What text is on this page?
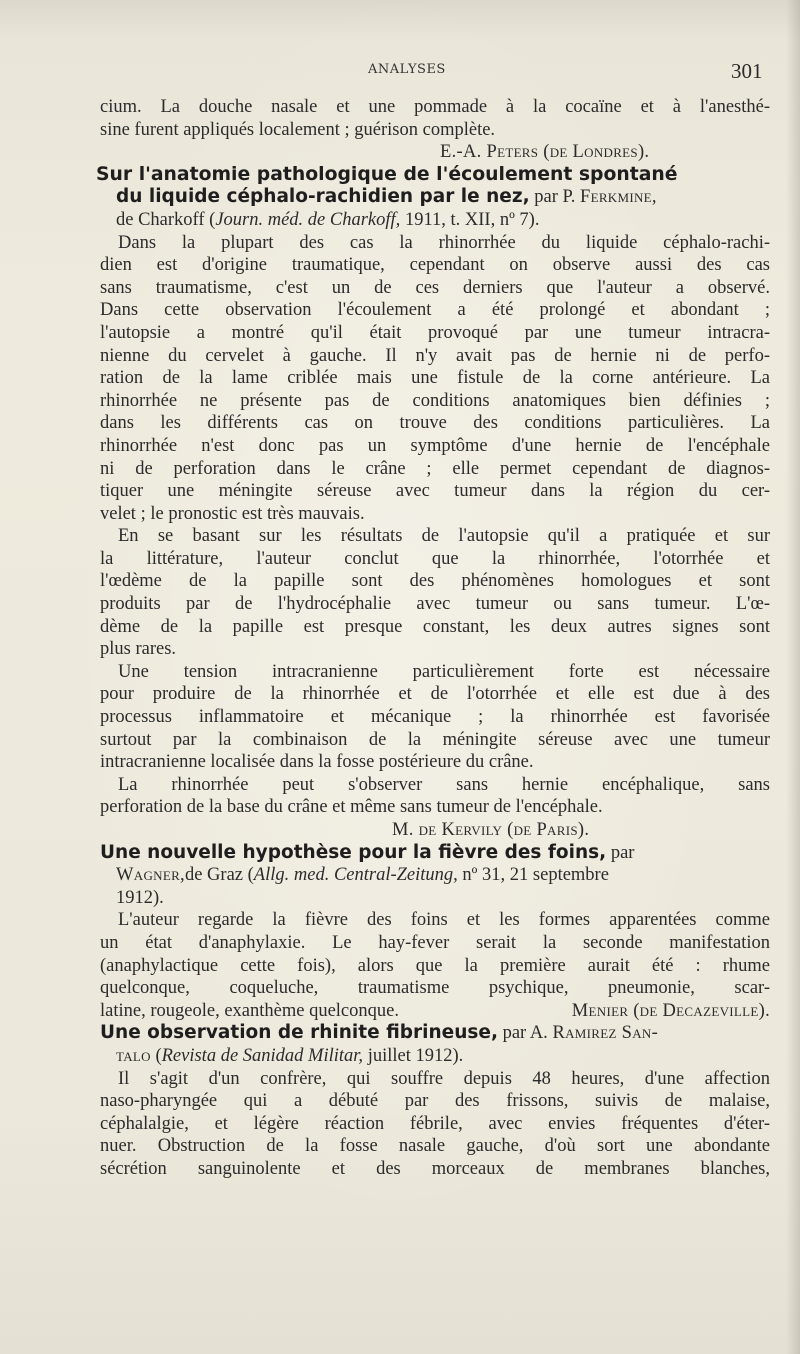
ANALYSES	301
cium. La douche nasale et une pommade à la cocaïne et à l'anesthé-
sine furent appliqués localement ; guérison complète.
E.-A. Peters (de Londres).
Sur l'anatomie pathologique de l'écoulement spontané
du liquide céphalo-rachidien par le nez, par P. Ferkmine,
de Charkoff (Journ. méd. de Charkoff, 1911, t. XII, nº 7).
Dans la plupart des cas la rhinorrhée du liquide céphalo-rachi-
dien est d'origine traumatique, cependant on observe aussi des cas
sans traumatisme, c'est un de ces derniers que l'auteur a observé.
Dans cette observation l'écoulement a été prolongé et abondant ;
l'autopsie a montré qu'il était provoqué par une tumeur intracra-
nienne du cervelet à gauche. Il n'y avait pas de hernie ni de perfo-
ration de la lame criblée mais une fistule de la corne antérieure. La
rhinorrhée ne présente pas de conditions anatomiques bien définies ;
dans les différents cas on trouve des conditions particulières. La
rhinorrhée n'est donc pas un symptôme d'une hernie de l'encéphale
ni de perforation dans le crâne ; elle permet cependant de diagnos-
tiquer une méningite séreuse avec tumeur dans la région du cer-
velet ; le pronostic est très mauvais.
En se basant sur les résultats de l'autopsie qu'il a pratiquée et sur
la littérature, l'auteur conclut que la rhinorrhée, l'otorrhée et
l'œdème de la papille sont des phénomènes homologues et sont
produits par de l'hydrocéphalie avec tumeur ou sans tumeur. L'œ-
dème de la papille est presque constant, les deux autres signes sont
plus rares.
Une tension intracranienne particulièrement forte est nécessaire
pour produire de la rhinorrhée et de l'otorrhée et elle est due à des
processus inflammatoire et mécanique ; la rhinorrhée est favorisée
surtout par la combinaison de la méningite séreuse avec une tumeur
intracranienne localisée dans la fosse postérieure du crâne.
La rhinorrhée peut s'observer sans hernie encéphalique, sans
perforation de la base du crâne et même sans tumeur de l'encéphale.
M. de Kervily (de Paris).
Une nouvelle hypothèse pour la fièvre des foins, par
Wagner,de Graz (Allg. med. Central-Zeitung, nº 31, 21 septembre
1912).
L'auteur regarde la fièvre des foins et les formes apparentées comme
un état d'anaphylaxie. Le hay-fever serait la seconde manifestation
(anaphylactique cette fois), alors que la première aurait été : rhume
quelconque, coqueluche, traumatisme psychique, pneumonie, scar-
latine, rougeole, exanthème quelconque.	Menier (de Decazeville).
Une observation de rhinite fibrineuse, par A. Ramirez San-
talo (Revista de Sanidad Militar, juillet 1912).
Il s'agit d'un confrère, qui souffre depuis 48 heures, d'une affection
naso-pharyngée qui a débuté par des frissons, suivis de malaise,
céphalalgie, et légère réaction fébrile, avec envies fréquentes d'éter-
nuer. Obstruction de la fosse nasale gauche, d'où sort une abondante
sécrétion sanguinolente et des morceaux de membranes blanches,
